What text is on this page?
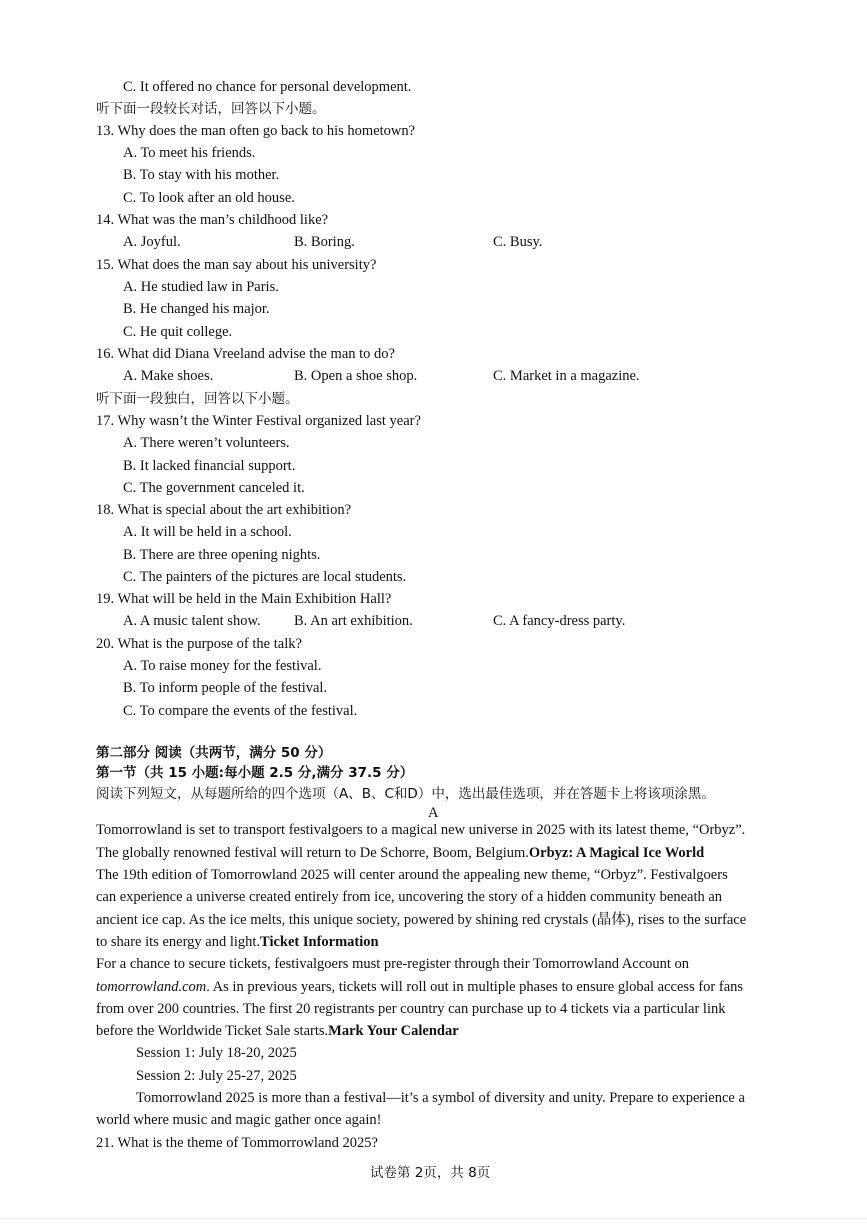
C. It offered no chance for personal development.
听下面一段较长对话，回答以下小题。
13. Why does the man often go back to his hometown?
A. To meet his friends.
B. To stay with his mother.
C. To look after an old house.
14. What was the man’s childhood like?
A. Joyful.	B. Boring.	C. Busy.
15. What does the man say about his university?
A. He studied law in Paris.
B. He changed his major.
C. He quit college.
16. What did Diana Vreeland advise the man to do?
A. Make shoes.	B. Open a shoe shop.	C. Market in a magazine.
听下面一段独白，回答以下小题。
17. Why wasn’t the Winter Festival organized last year?
A. There weren’t volunteers.
B. It lacked financial support.
C. The government canceled it.
18. What is special about the art exhibition?
A. It will be held in a school.
B. There are three opening nights.
C. The painters of the pictures are local students.
19. What will be held in the Main Exhibition Hall?
A. A music talent show. B. An art exhibition.	C. A fancy-dress party.
20. What is the purpose of the talk?
A. To raise money for the festival.
B. To inform people of the festival.
C. To compare the events of the festival.
第二部分 阅读（共两节，满分 50 分）
第一节（共 15 小题:每小题 2.5 分,满分 37.5 分）
阅读下列短文，从每题所给的四个选项（A、B、C和D）中，选出最佳选项，并在答题卡上将该项涂黑。
A
Tomorrowland is set to transport festivalgoers to a magical new universe in 2025 with its latest theme, “Orbyz”.
The globally renowned festival will return to De Schorre, Boom, Belgium.Orbyz: A Magical Ice World
The 19th edition of Tomorrowland 2025 will center around the appealing new theme, “Orbyz”. Festivalgoers
can experience a universe created entirely from ice, uncovering the story of a hidden community beneath an
ancient ice cap. As the ice melts, this unique society, powered by shining red crystals (晶体), rises to the surface
to share its energy and light.Ticket Information
For a chance to secure tickets, festivalgoers must pre-register through their Tomorrowland Account on
tomorrowland.com. As in previous years, tickets will roll out in multiple phases to ensure global access for fans
from over 200 countries. The first 20 registrants per country can purchase up to 4 tickets via a particular link
before the Worldwide Ticket Sale starts.Mark Your Calendar
Session 1: July 18-20, 2025
Session 2: July 25-27, 2025
Tomorrowland 2025 is more than a festival—it’s a symbol of diversity and unity. Prepare to experience a
world where music and magic gather once again!
21. What is the theme of Tommorrowland 2025?
试卷第 2页，共 8页
